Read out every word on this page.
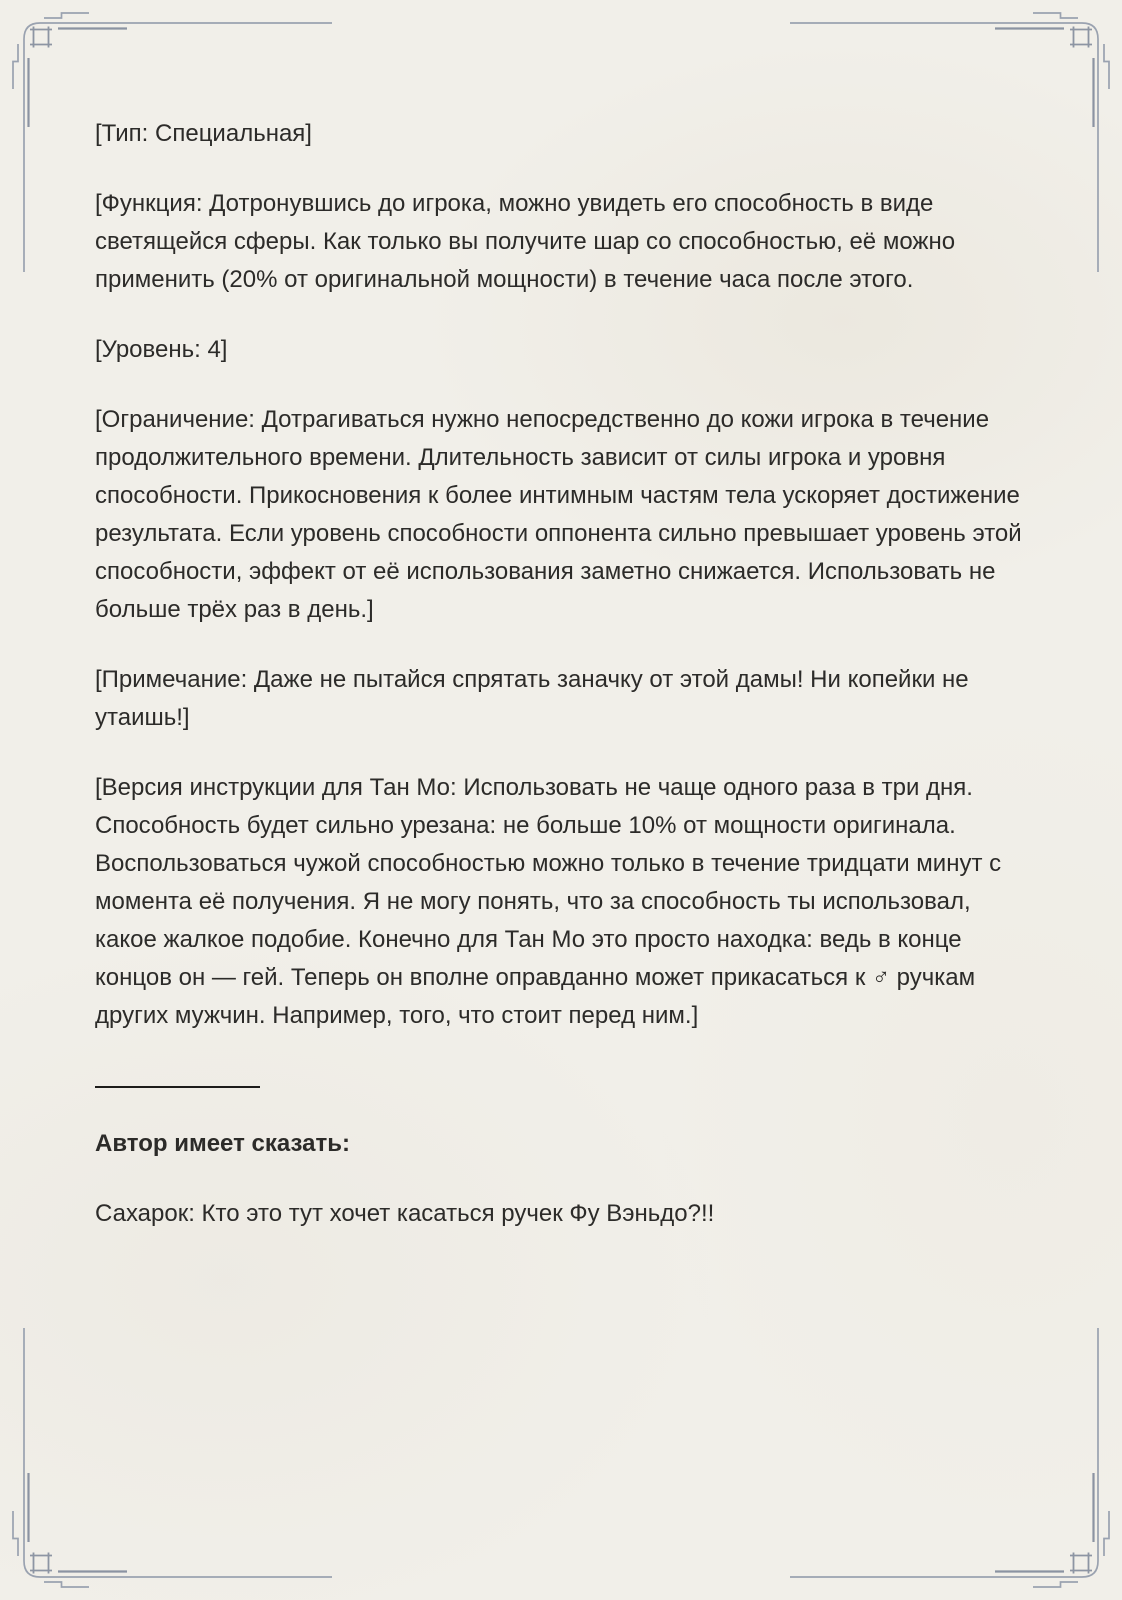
[Тип: Специальная]

[Функция: Дотронувшись до игрока, можно увидеть его способность в виде светящейся сферы. Как только вы получите шар со способностью, её можно применить (20% от оригинальной мощности) в течение часа после этого.

[Уровень: 4]

[Ограничение: Дотрагиваться нужно непосредственно до кожи игрока в течение продолжительного времени. Длительность зависит от силы игрока и уровня способности. Прикосновения к более интимным частям тела ускоряет достижение результата. Если уровень способности оппонента сильно превышает уровень этой способности, эффект от её использования заметно снижается. Использовать не больше трёх раз в день.]

[Примечание: Даже не пытайся спрятать заначку от этой дамы! Ни копейки не утаишь!]

[Версия инструкции для Тан Мо: Использовать не чаще одного раза в три дня. Способность будет сильно урезана: не больше 10% от мощности оригинала. Воспользоваться чужой способностью можно только в течение тридцати минут с момента её получения. Я не могу понять, что за способность ты использовал, какое жалкое подобие. Конечно для Тан Мо это просто находка: ведь в конце концов он — гей. Теперь он вполне оправданно может прикасаться к ♂ ручкам других мужчин. Например, того, что стоит перед ним.]

Автор имеет сказать:

Сахарок: Кто это тут хочет касаться ручек Фу Вэньдо?!!
